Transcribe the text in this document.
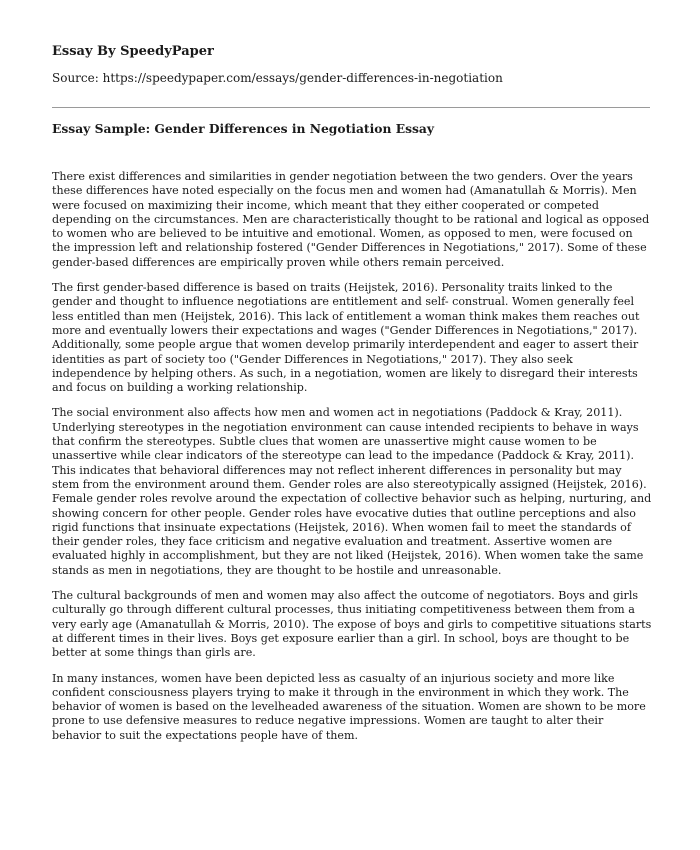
Essay By SpeedyPaper

Source: https://speedypaper.com/essays/gender-differences-in-negotiation

Essay Sample: Gender Differences in Negotiation Essay

There exist differences and similarities in gender negotiation between the two genders. Over the years these differences have noted especially on the focus men and women had (Amanatullah & Morris). Men were focused on maximizing their income, which meant that they either cooperated or competed depending on the circumstances. Men are characteristically thought to be rational and logical as opposed to women who are believed to be intuitive and emotional. Women, as opposed to men, were focused on the impression left and relationship fostered ("Gender Differences in Negotiations," 2017). Some of these gender-based differences are empirically proven while others remain perceived.

The first gender-based difference is based on traits (Heijstek, 2016). Personality traits linked to the gender and thought to influence negotiations are entitlement and self- construal. Women generally feel less entitled than men (Heijstek, 2016). This lack of entitlement a woman think makes them reaches out more and eventually lowers their expectations and wages ("Gender Differences in Negotiations," 2017). Additionally, some people argue that women develop primarily interdependent and eager to assert their identities as part of society too ("Gender Differences in Negotiations," 2017). They also seek independence by helping others. As such, in a negotiation, women are likely to disregard their interests and focus on building a working relationship.

The social environment also affects how men and women act in negotiations (Paddock & Kray, 2011). Underlying stereotypes in the negotiation environment can cause intended recipients to behave in ways that confirm the stereotypes. Subtle clues that women are unassertive might cause women to be unassertive while clear indicators of the stereotype can lead to the impedance (Paddock & Kray, 2011). This indicates that behavioral differences may not reflect inherent differences in personality but may stem from the environment around them. Gender roles are also stereotypically assigned (Heijstek, 2016). Female gender roles revolve around the expectation of collective behavior such as helping, nurturing, and showing concern for other people. Gender roles have evocative duties that outline perceptions and also rigid functions that insinuate expectations (Heijstek, 2016). When women fail to meet the standards of their gender roles, they face criticism and negative evaluation and treatment. Assertive women are evaluated highly in accomplishment, but they are not liked (Heijstek, 2016). When women take the same stands as men in negotiations, they are thought to be hostile and unreasonable.

The cultural backgrounds of men and women may also affect the outcome of negotiators. Boys and girls culturally go through different cultural processes, thus initiating competitiveness between them from a very early age (Amanatullah & Morris, 2010). The expose of boys and girls to competitive situations starts at different times in their lives. Boys get exposure earlier than a girl. In school, boys are thought to be better at some things than girls are.

In many instances, women have been depicted less as casualty of an injurious society and more like confident consciousness players trying to make it through in the environment in which they work. The behavior of women is based on the levelheaded awareness of the situation. Women are shown to be more prone to use defensive measures to reduce negative impressions. Women are taught to alter their behavior to suit the expectations people have of them.
